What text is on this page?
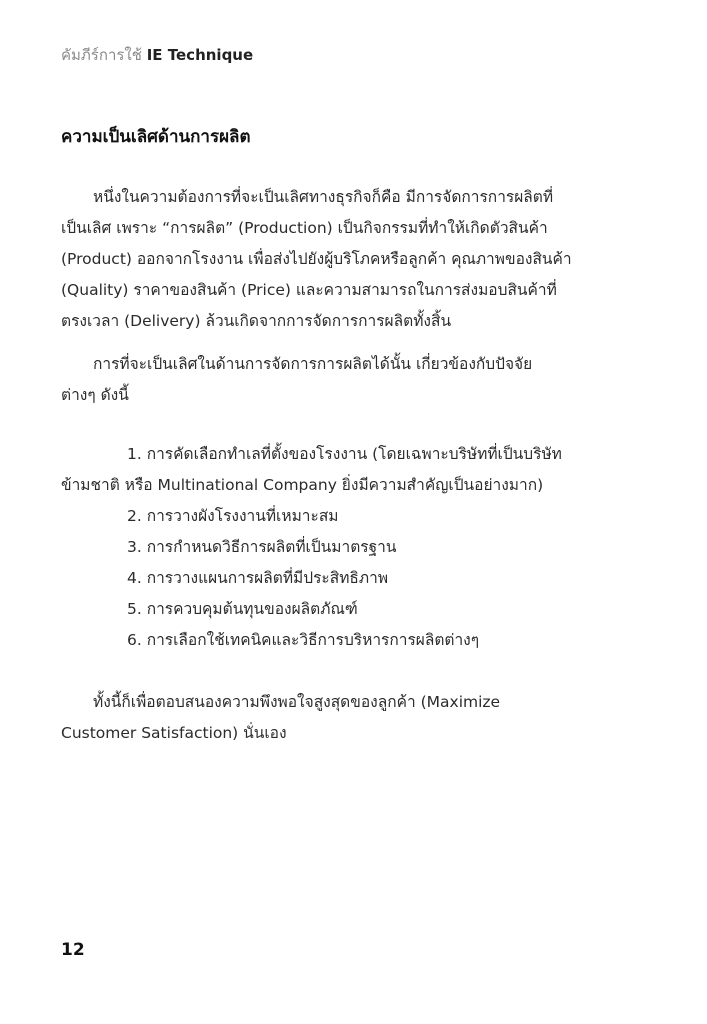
คัมภีร์การใช้ IE Technique
ความเป็นเลิศด้านการผลิต
หนึ่งในความต้องการที่จะเป็นเลิศทางธุรกิจก็คือ มีการจัดการการผลิตที่
เป็นเลิศ เพราะ “การผลิต” (Production) เป็นกิจกรรมที่ทำให้เกิดตัวสินค้า
(Product) ออกจากโรงงาน เพื่อส่งไปยังผู้บริโภคหรือลูกค้า คุณภาพของสินค้า
(Quality) ราคาของสินค้า (Price) และความสามารถในการส่งมอบสินค้าที่
ตรงเวลา (Delivery) ล้วนเกิดจากการจัดการการผลิตทั้งสิ้น
การที่จะเป็นเลิศในด้านการจัดการการผลิตได้นั้น เกี่ยวข้องกับปัจจัย
ต่างๆ ดังนี้
1. การคัดเลือกทำเลที่ตั้งของโรงงาน (โดยเฉพาะบริษัทที่เป็นบริษัท
ข้ามชาติ หรือ Multinational Company ยิ่งมีความสำคัญเป็นอย่างมาก)
2. การวางผังโรงงานที่เหมาะสม
3. การกำหนดวิธีการผลิตที่เป็นมาตรฐาน
4. การวางแผนการผลิตที่มีประสิทธิภาพ
5. การควบคุมต้นทุนของผลิตภัณฑ์
6. การเลือกใช้เทคนิคและวิธีการบริหารการผลิตต่างๆ
ทั้งนี้ก็เพื่อตอบสนองความพึงพอใจสูงสุดของลูกค้า (Maximize
Customer Satisfaction) นั่นเอง
12
